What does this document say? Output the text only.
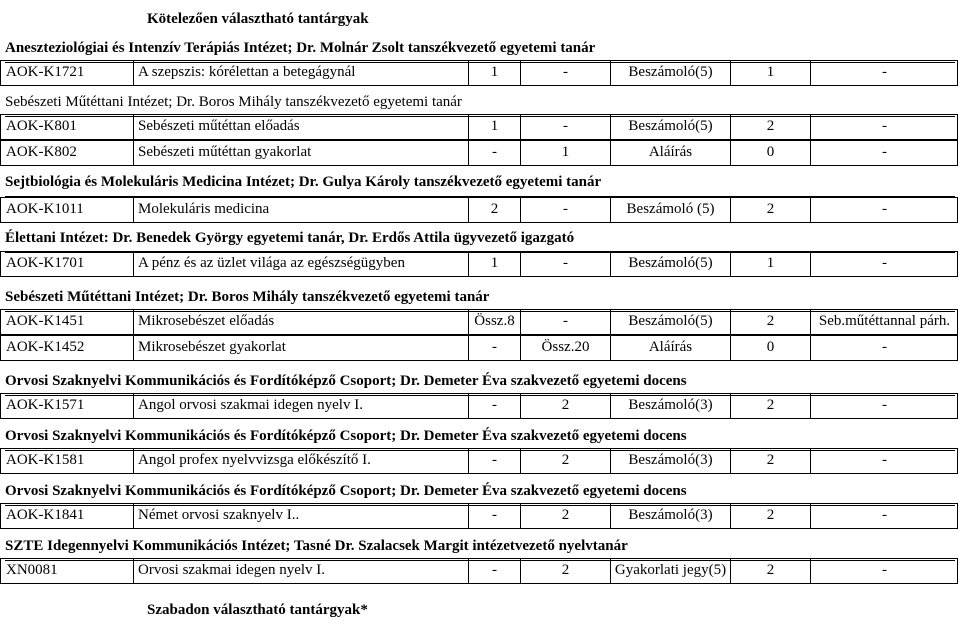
Kötelezően választható tantárgyak
Aneszteziológiai és Intenzív Terápiás Intézet; Dr. Molnár Zsolt tanszékvezető egyetemi tanár
AOK-K1721	A szepszis: kórélettan a betegágynál	1	-	Beszámoló(5)	1	-
Sebészeti Műtéttani Intézet; Dr. Boros Mihály tanszékvezető egyetemi tanár
AOK-K801	Sebészeti műtéttan előadás	1	-	Beszámoló(5)	2	-
AOK-K802	Sebészeti műtéttan gyakorlat	-	1	Aláírás	0	-
Sejtbiológia és Molekuláris Medicina Intézet; Dr. Gulya Károly tanszékvezető egyetemi tanár
AOK-K1011	Molekuláris medicina	2	-	Beszámoló (5)	2	-
Élettani Intézet: Dr. Benedek György egyetemi tanár, Dr. Erdős Attila ügyvezető igazgató
AOK-K1701	A pénz és az üzlet világa az egészségügyben	1	-	Beszámoló(5)	1	-
Sebészeti Műtéttani Intézet; Dr. Boros Mihály tanszékvezető egyetemi tanár
AOK-K1451	Mikrosebészet előadás	Össz.8	-	Beszámoló(5)	2	Seb.műtéttannal párh.
AOK-K1452	Mikrosebészet gyakorlat	-	Össz.20	Aláírás	0	-
Orvosi Szaknyelvi Kommunikációs és Fordítóképző Csoport; Dr. Demeter Éva szakvezető egyetemi docens
AOK-K1571	Angol orvosi szakmai idegen nyelv I.	-	2	Beszámoló(3)	2	-
Orvosi Szaknyelvi Kommunikációs és Fordítóképző Csoport; Dr. Demeter Éva szakvezető egyetemi docens
AOK-K1581	Angol profex nyelvvizsga előkészítő I.	-	2	Beszámoló(3)	2	-
Orvosi Szaknyelvi Kommunikációs és Fordítóképző Csoport; Dr. Demeter Éva szakvezető egyetemi docens
AOK-K1841	Német orvosi szaknyelv I..	-	2	Beszámoló(3)	2	-
SZTE Idegennyelvi Kommunikációs Intézet; Tasné Dr. Szalacsek Margit intézetvezető nyelvtanár
XN0081	Orvosi szakmai idegen nyelv I.	-	2	Gyakorlati jegy(5)	2	-
Szabadon választható tantárgyak*
